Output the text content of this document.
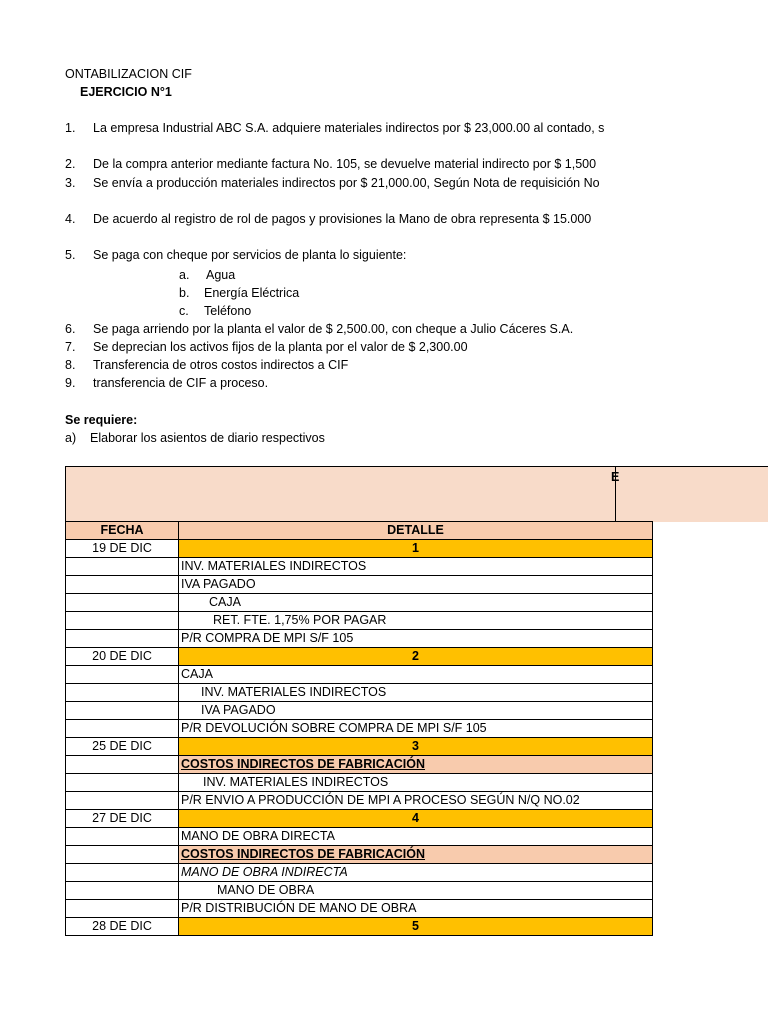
ONTABILIZACION CIF
EJERCICIO N°1
1. La empresa Industrial ABC S.A. adquiere materiales indirectos por $ 23,000.00 al contado, s
2. De la compra anterior mediante factura No. 105, se devuelve material indirecto por $ 1,500
3. Se envía a producción materiales indirectos por $ 21,000.00, Según Nota de requisición No
4. De acuerdo al registro de rol de pagos y provisiones la Mano de obra representa $ 15.000
5. Se paga con cheque por servicios de planta lo siguiente:
a. Agua
b. Energía Eléctrica
c. Teléfono
6. Se paga arriendo por la planta el valor de $ 2,500.00, con cheque a Julio Cáceres S.A.
7. Se deprecian los activos fijos de la planta por el valor de $ 2,300.00
8. Transferencia de otros costos indirectos a CIF
9. transferencia de CIF a proceso.
Se requiere:
a) Elaborar los asientos de diario respectivos
E
FECHA	DETALLE
19 DE DIC	1
	INV. MATERIALES INDIRECTOS
	IVA PAGADO
	CAJA
	RET. FTE. 1,75% POR PAGAR
	P/R COMPRA DE MPI S/F 105
20 DE DIC	2
	CAJA
	INV. MATERIALES INDIRECTOS
	IVA PAGADO
	P/R DEVOLUCIÓN SOBRE COMPRA DE MPI S/F 105
25 DE DIC	3
	COSTOS INDIRECTOS DE FABRICACIÓN
	INV. MATERIALES INDIRECTOS
	P/R ENVIO A PRODUCCIÓN DE MPI A PROCESO SEGÚN N/Q NO.02
27 DE DIC	4
	MANO DE OBRA DIRECTA
	COSTOS INDIRECTOS DE FABRICACIÓN
	MANO DE OBRA INDIRECTA
	MANO DE OBRA
	P/R DISTRIBUCIÓN DE MANO DE OBRA
28 DE DIC	5
